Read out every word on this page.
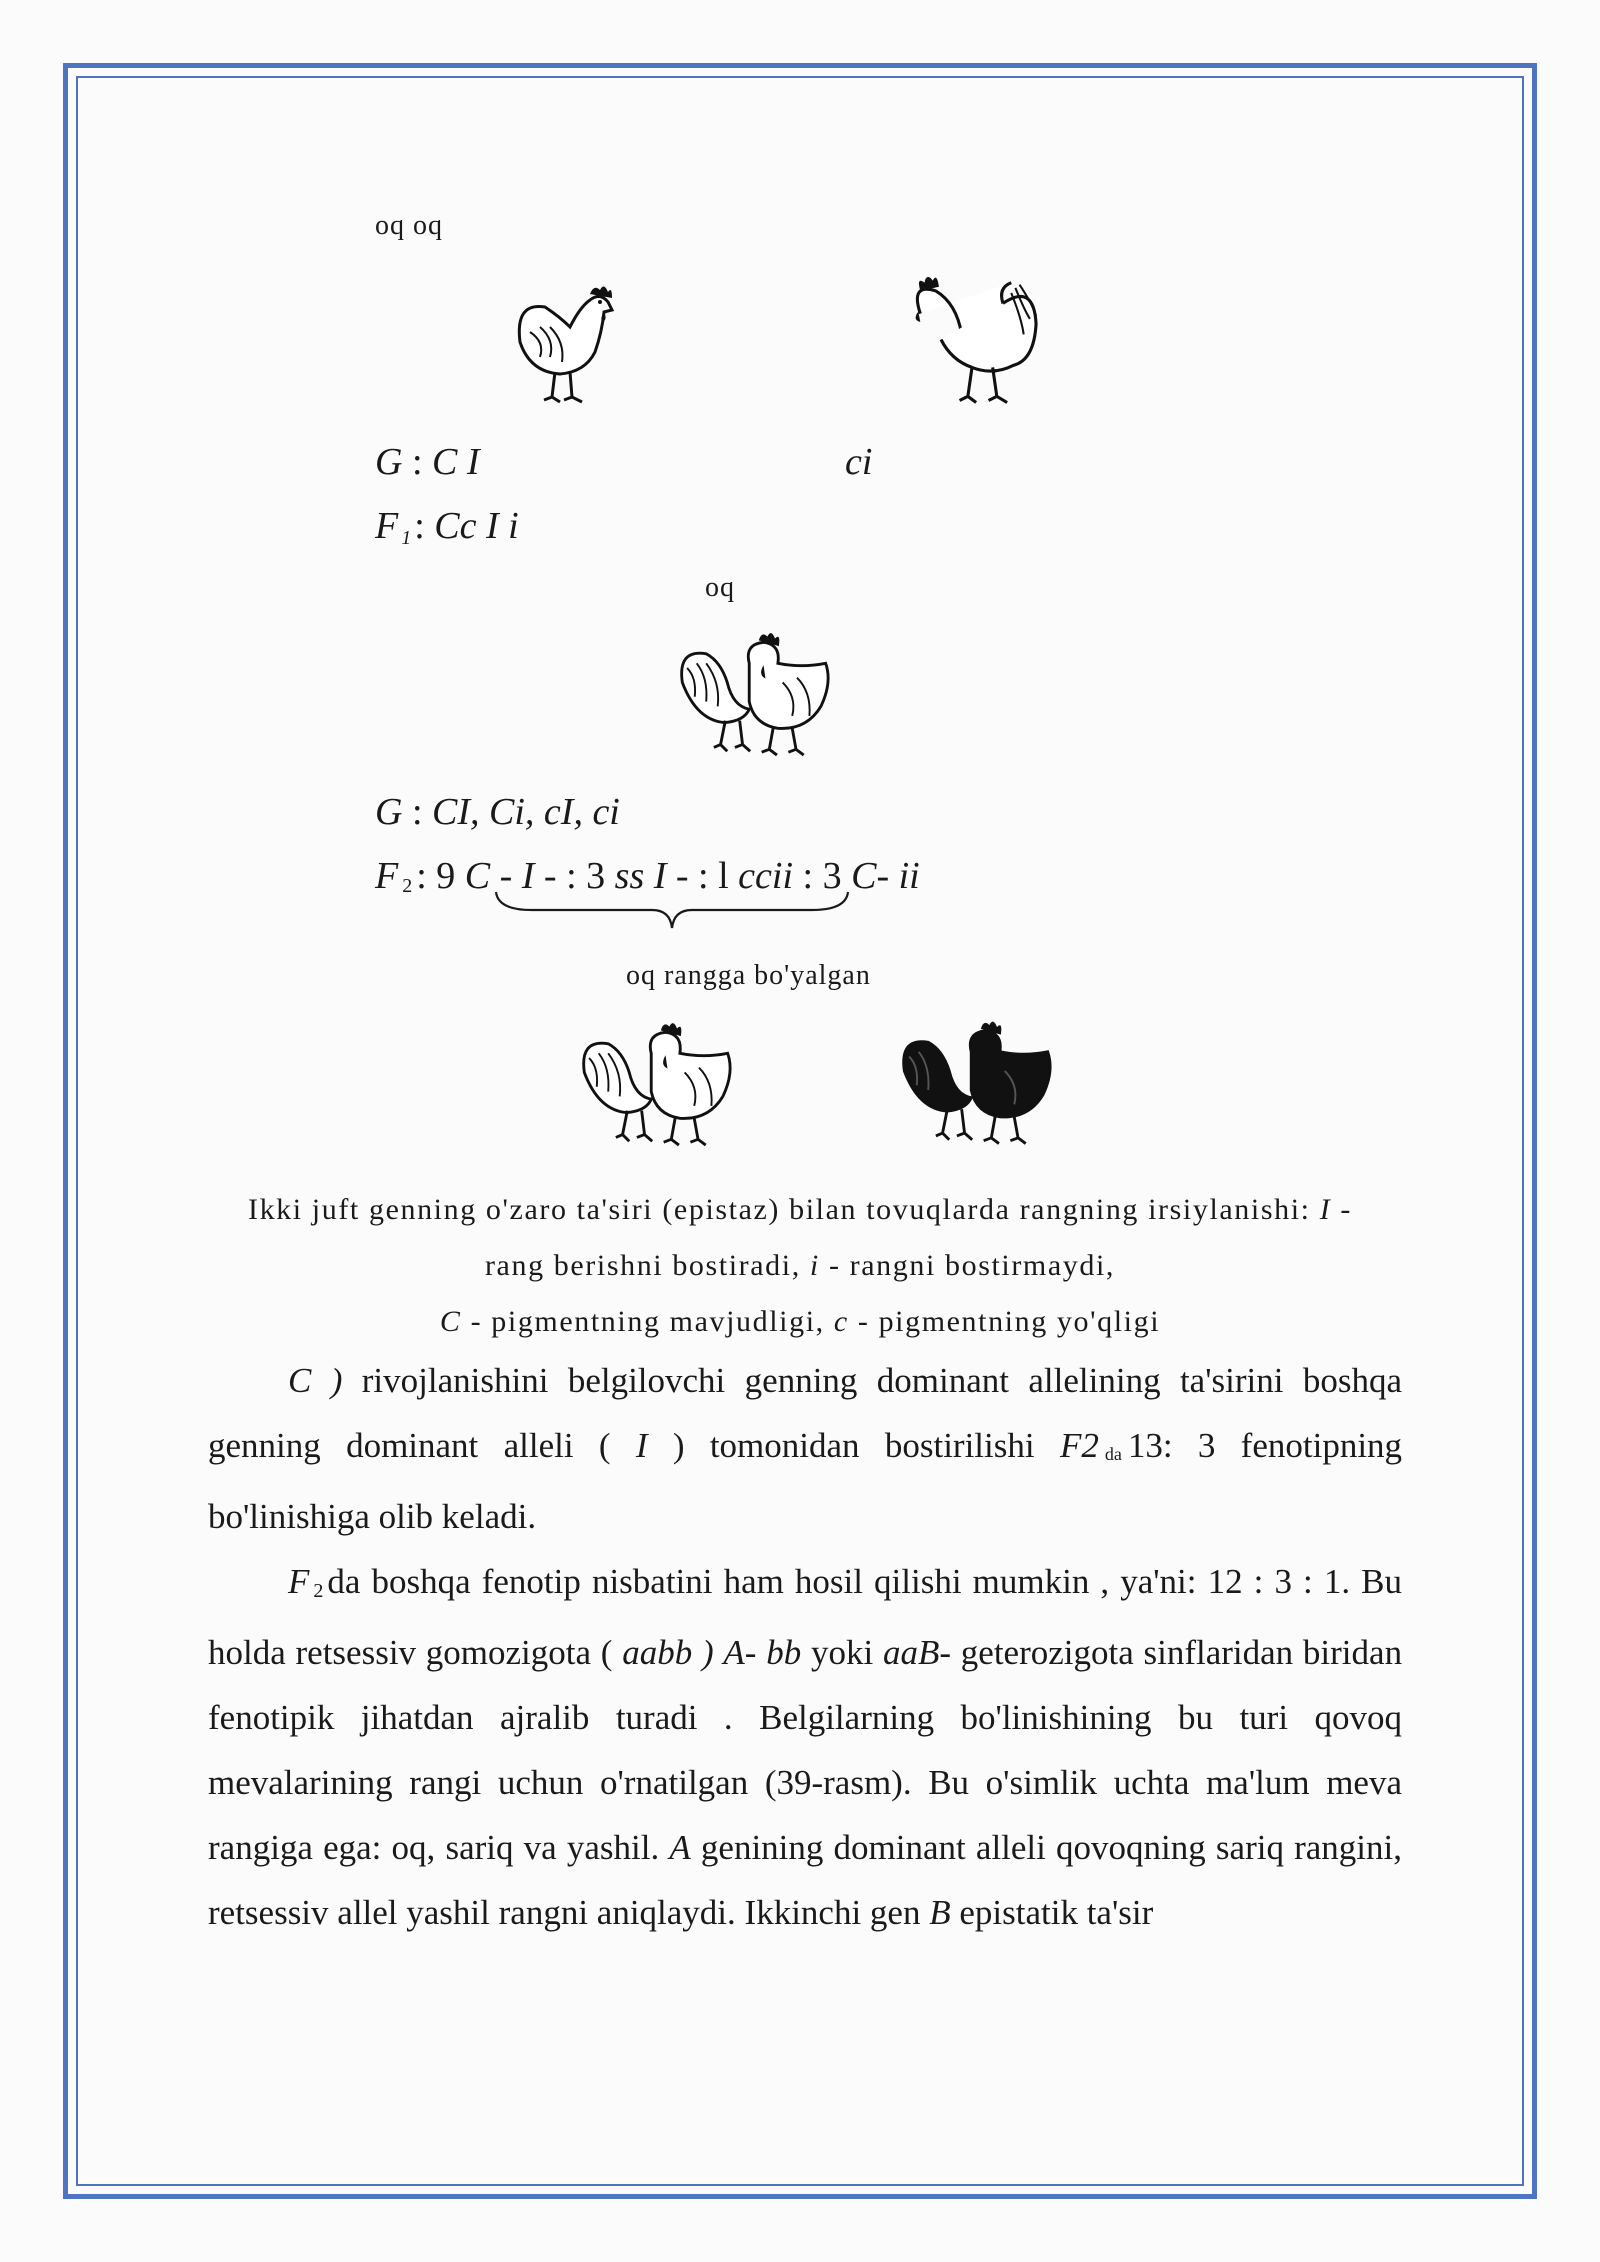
oq oq
G : C I	ci
F 1: Cc I i
oq
G : CI, Ci, cI, ci
F 2 : 9 C - I - : 3 ss I - : l ccii : 3 C- ii
oq rangga bo'yalgan
Ikki juft genning o'zaro ta'siri (epistaz) bilan tovuqlarda rangning irsiylanishi: I -
rang berishni bostiradi, i - rangni bostirmaydi,
C - pigmentning mavjudligi, c - pigmentning yo'qligi

C ) rivojlanishini belgilovchi genning dominant allelining ta'sirini boshqa genning dominant alleli ( I ) tomonidan bostirilishi F2 da 13: 3 fenotipning bo'linishiga olib keladi.

F 2 da boshqa fenotip nisbatini ham hosil qilishi mumkin , ya'ni: 12 : 3 : 1. Bu holda retsessiv gomozigota ( aabb ) A- bb yoki aaB- geterozigota sinflaridan biridan fenotipik jihatdan ajralib turadi . Belgilarning bo'linishining bu turi qovoq mevalarining rangi uchun o'rnatilgan (39-rasm). Bu o'simlik uchta ma'lum meva rangiga ega: oq, sariq va yashil. A genining dominant alleli qovoqning sariq rangini, retsessiv allel yashil rangni aniqlaydi. Ikkinchi gen B epistatik ta'sir
